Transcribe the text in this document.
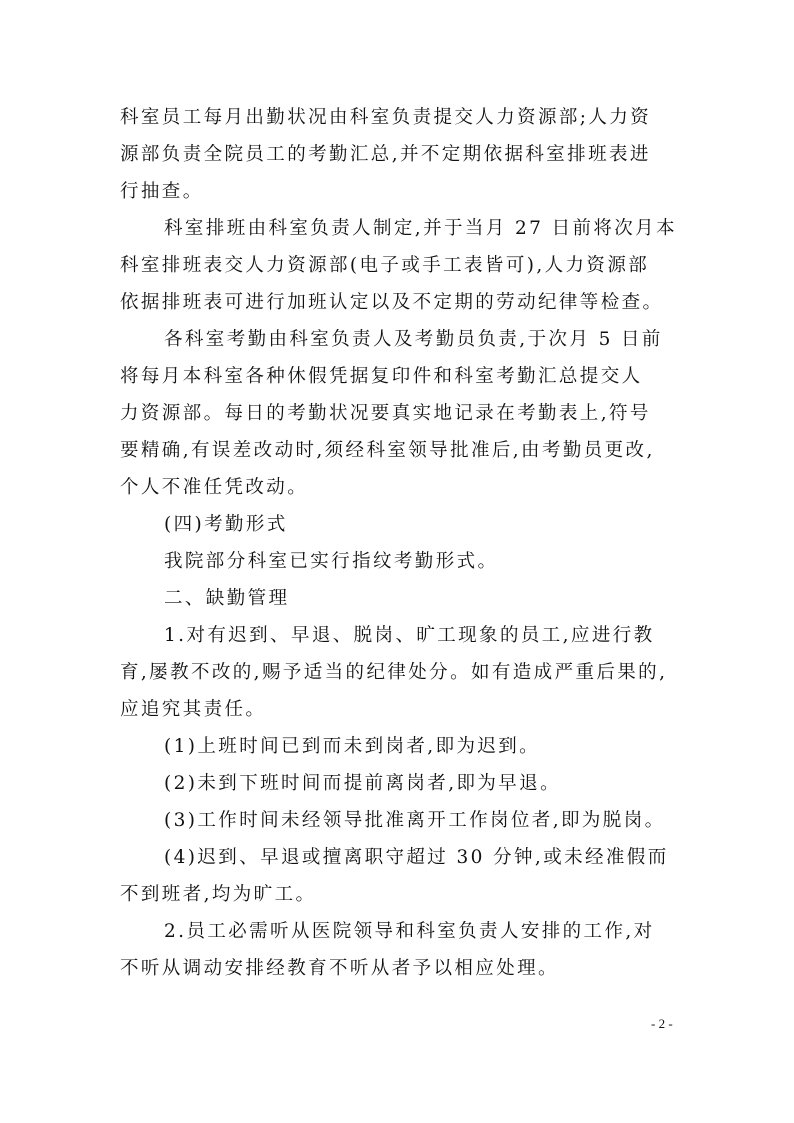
科室员工每月出勤状况由科室负责提交人力资源部;人力资
源部负责全院员工的考勤汇总,并不定期依据科室排班表进
行抽查。
科室排班由科室负责人制定,并于当月 27 日前将次月本
科室排班表交人力资源部(电子或手工表皆可),人力资源部
依据排班表可进行加班认定以及不定期的劳动纪律等检查。
各科室考勤由科室负责人及考勤员负责,于次月 5 日前
将每月本科室各种休假凭据复印件和科室考勤汇总提交人
力资源部。每日的考勤状况要真实地记录在考勤表上,符号
要精确,有误差改动时,须经科室领导批准后,由考勤员更改,
个人不准任凭改动。
(四)考勤形式
我院部分科室已实行指纹考勤形式。
二、缺勤管理
1.对有迟到、早退、脱岗、旷工现象的员工,应进行教
育,屡教不改的,赐予适当的纪律处分。如有造成严重后果的,
应追究其责任。
(1)上班时间已到而未到岗者,即为迟到。
(2)未到下班时间而提前离岗者,即为早退。
(3)工作时间未经领导批准离开工作岗位者,即为脱岗。
(4)迟到、早退或擅离职守超过 30 分钟,或未经准假而
不到班者,均为旷工。
2.员工必需听从医院领导和科室负责人安排的工作,对
不听从调动安排经教育不听从者予以相应处理。
- 2 -
